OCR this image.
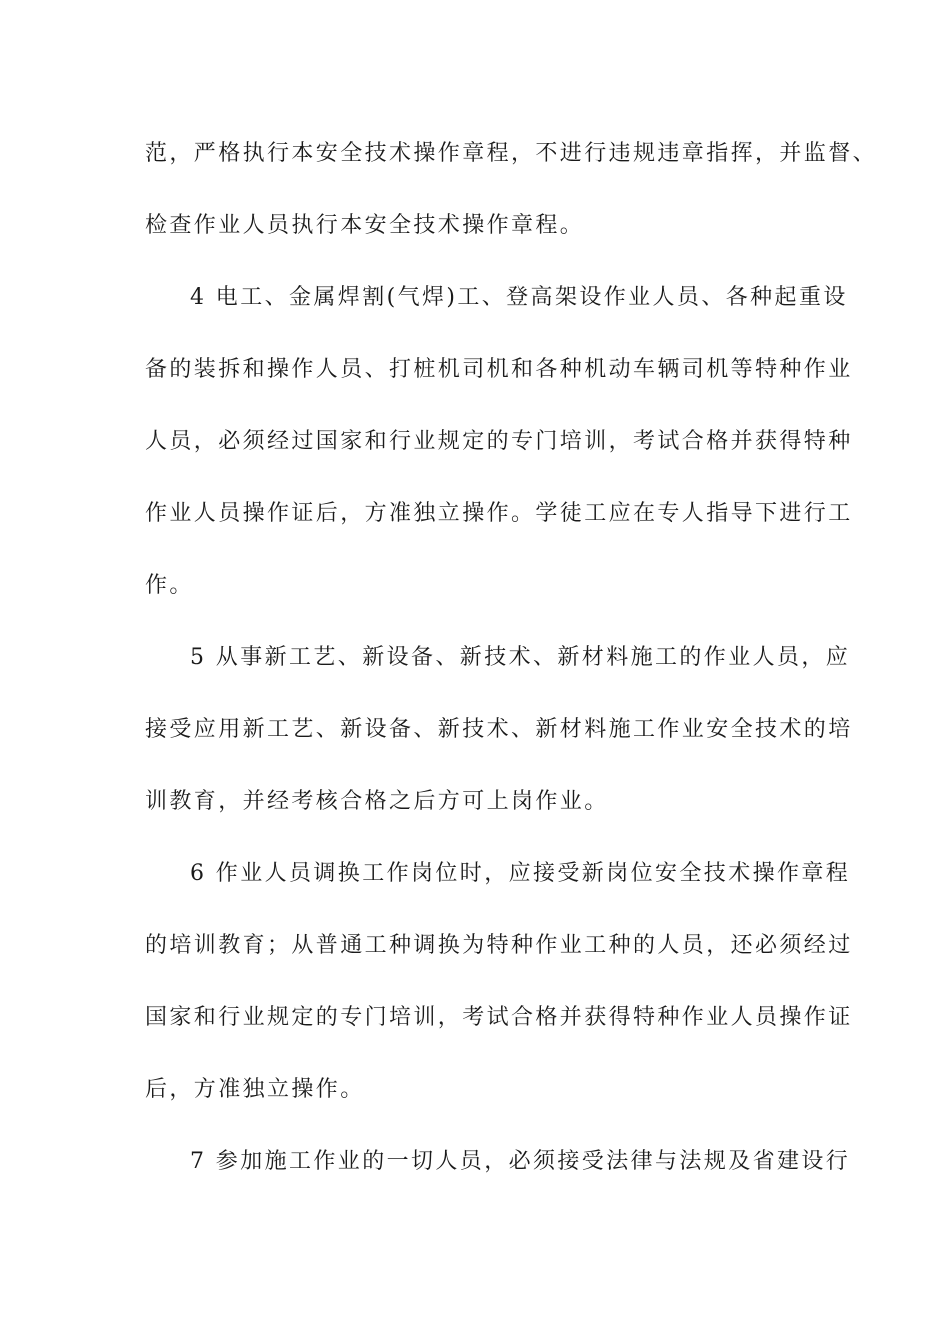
范，严格执行本安全技术操作章程，不进行违规违章指挥，并监督、
检查作业人员执行本安全技术操作章程。
4 电工、金属焊割(气焊)工、登高架设作业人员、各种起重设
备的装拆和操作人员、打桩机司机和各种机动车辆司机等特种作业
人员，必须经过国家和行业规定的专门培训，考试合格并获得特种
作业人员操作证后，方准独立操作。学徒工应在专人指导下进行工
作。
5 从事新工艺、新设备、新技术、新材料施工的作业人员，应
接受应用新工艺、新设备、新技术、新材料施工作业安全技术的培
训教育，并经考核合格之后方可上岗作业。
6 作业人员调换工作岗位时，应接受新岗位安全技术操作章程
的培训教育；从普通工种调换为特种作业工种的人员，还必须经过
国家和行业规定的专门培训，考试合格并获得特种作业人员操作证
后，方准独立操作。
7 参加施工作业的一切人员，必须接受法律与法规及省建设行
